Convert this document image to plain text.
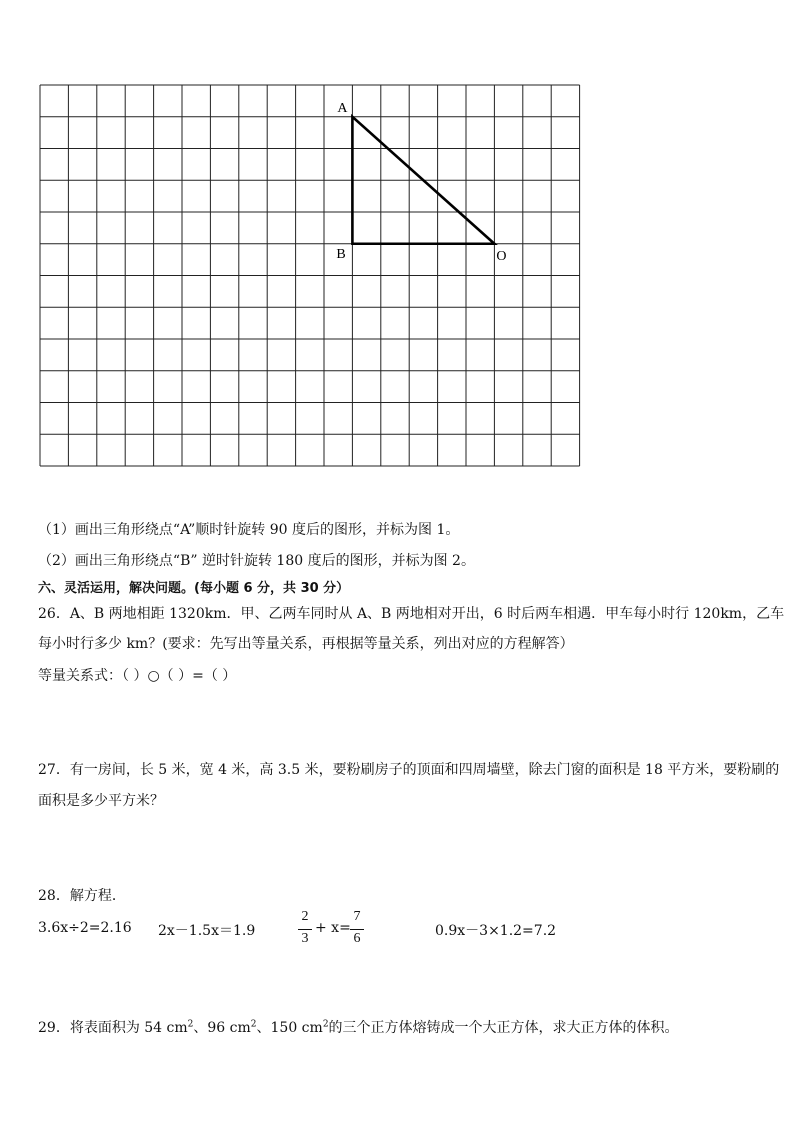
A
B	O
（1）画出三角形绕点“A”顺时针旋转 90 度后的图形，并标为图 1。
（2）画出三角形绕点“B” 逆时针旋转 180 度后的图形，并标为图 2。
六、灵活运用，解决问题。(每小题 6 分，共 30 分）
26．A、B 两地相距 1320km．甲、乙两车同时从 A、B 两地相对开出，6 时后两车相遇．甲车每小时行 120km，乙车
每小时行多少 km？(要求：先写出等量关系，再根据等量关系，列出对应的方程解答）
等量关系式：（ ）○（ ）=（ ）
27．有一房间，长 5 米，宽 4 米，高 3.5 米，要粉刷房子的顶面和四周墙壁，除去门窗的面积是 18 平方米，要粉刷的
面积是多少平方米？
28．解方程．
3.6x÷2=2.16 2x－1.5x＝1.9
2
3
+ x=
7
6	0.9x－3×1.2=7.2
29．将表面积为 54 $cm^2$、96 $cm^2$、150 $cm^2$的三个正方体熔铸成一个大正方体，求大正方体的体积。
